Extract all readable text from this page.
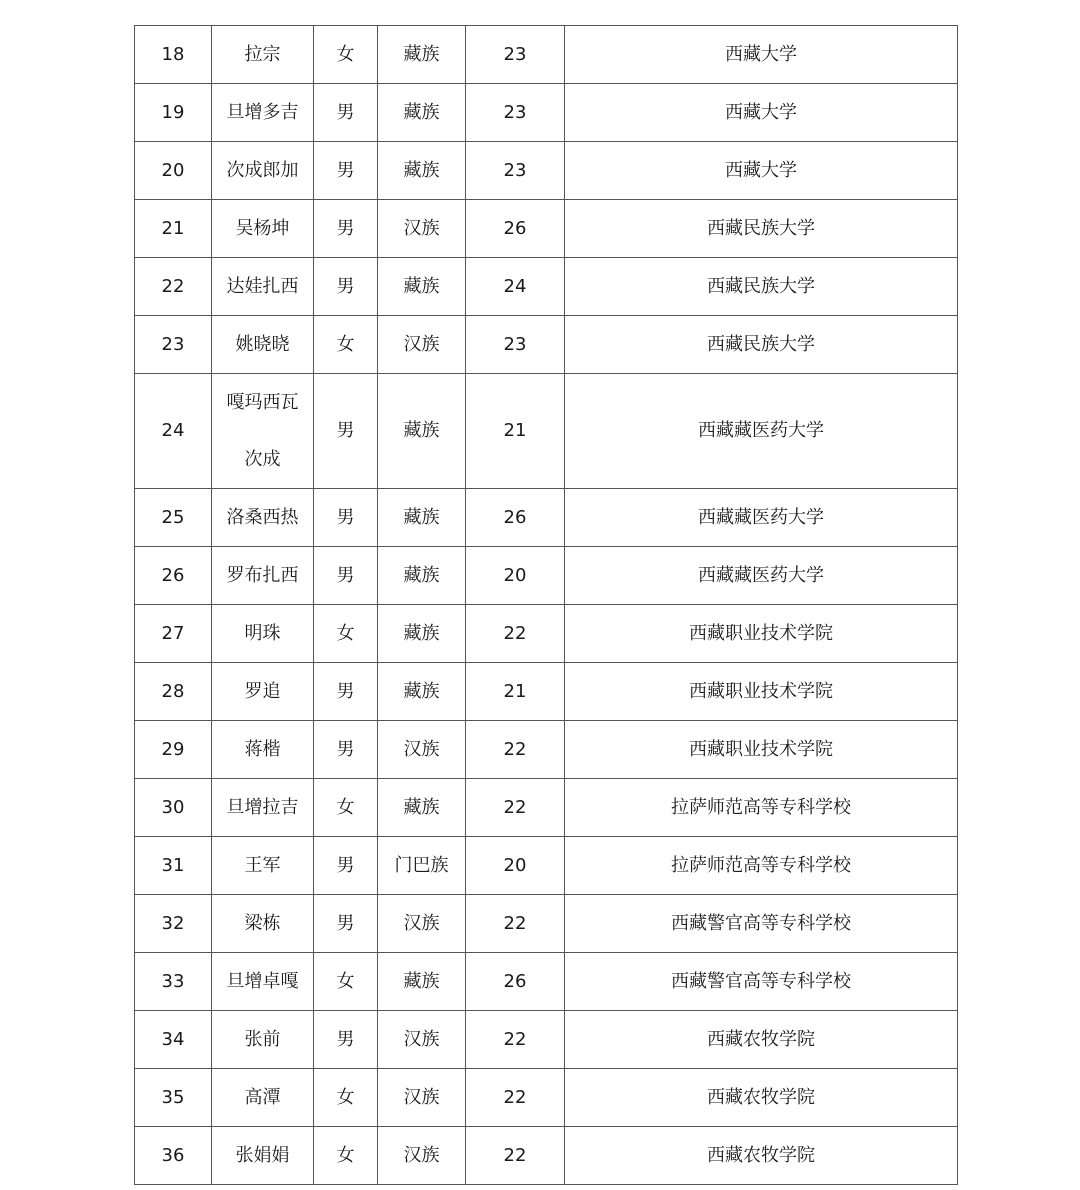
18	拉宗	女	藏族	23	西藏大学
19	旦增多吉	男	藏族	23	西藏大学
20	次成郎加	男	藏族	23	西藏大学
21	吴杨坤	男	汉族	26	西藏民族大学
22	达娃扎西	男	藏族	24	西藏民族大学
23	姚晓晓	女	汉族	23	西藏民族大学
24	嘎玛西瓦次成	男	藏族	21	西藏藏医药大学
25	洛桑西热	男	藏族	26	西藏藏医药大学
26	罗布扎西	男	藏族	20	西藏藏医药大学
27	明珠	女	藏族	22	西藏职业技术学院
28	罗追	男	藏族	21	西藏职业技术学院
29	蒋楷	男	汉族	22	西藏职业技术学院
30	旦增拉吉	女	藏族	22	拉萨师范高等专科学校
31	王军	男	门巴族	20	拉萨师范高等专科学校
32	梁栋	男	汉族	22	西藏警官高等专科学校
33	旦增卓嘎	女	藏族	26	西藏警官高等专科学校
34	张前	男	汉族	22	西藏农牧学院
35	高潭	女	汉族	22	西藏农牧学院
36	张娟娟	女	汉族	22	西藏农牧学院
